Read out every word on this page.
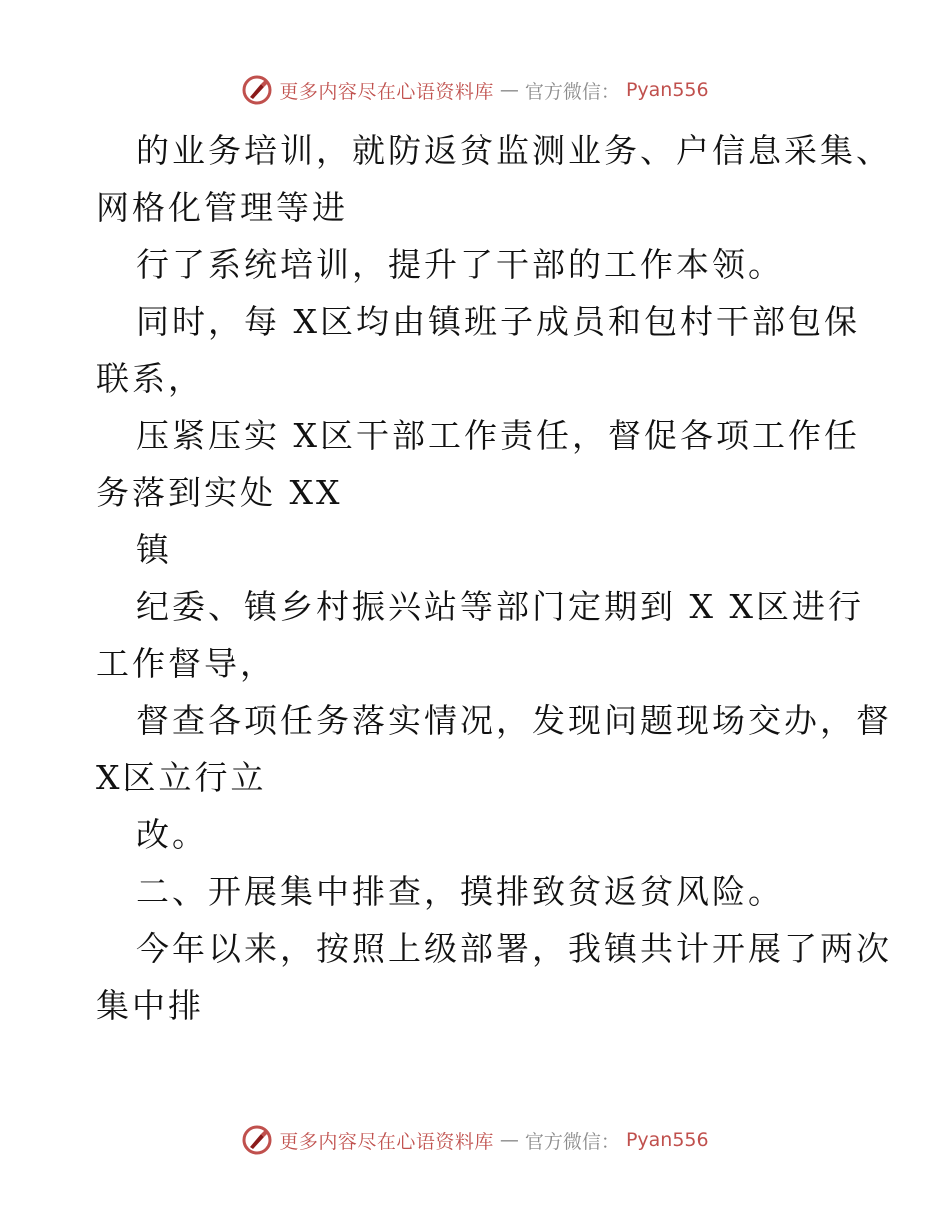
更多内容尽在心语资料库 — 官方微信： Pyan556
的业务培训，就防返贫监测业务、户信息采集、
网格化管理等进
行了系统培训，提升了干部的工作本领。
同时，每 X区均由镇班子成员和包村干部包保
联系，
压紧压实 X区干部工作责任，督促各项工作任
务落到实处 XX
镇
纪委、镇乡村振兴站等部门定期到 X X区进行
工作督导，
督查各项任务落实情况，发现问题现场交办，督
X区立行立
改。
二、开展集中排查，摸排致贫返贫风险。
今年以来，按照上级部署，我镇共计开展了两次
集中排
更多内容尽在心语资料库 — 官方微信： Pyan556
